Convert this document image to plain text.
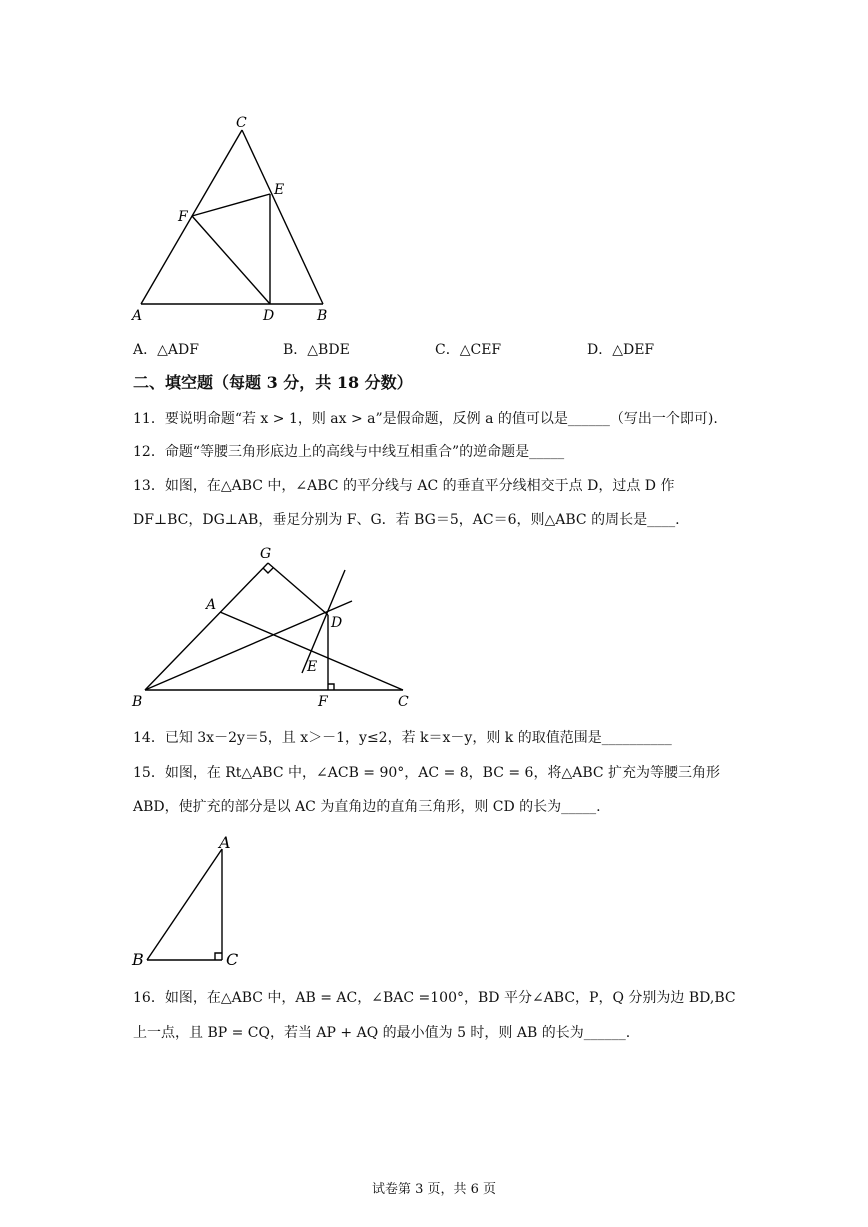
C
E
F
A	D	B
A．△ADF	B．△BDE	C．△CEF	D．△DEF
二、填空题（每题 3 分，共 18 分数）
11．要说明命题“若 x > 1，则 ax > a”是假命题，反例 a 的值可以是______（写出一个即可).
12．命题“等腰三角形底边上的高线与中线互相重合”的逆命题是_____
13．如图，在△ABC 中，∠ABC 的平分线与 AC 的垂直平分线相交于点 D，过点 D 作
DF⊥BC，DG⊥AB，垂足分别为 F、G．若 BG＝5，AC＝6，则△ABC 的周长是____.
G
A
D
E
B	F	C
14．已知 3x－2y＝5，且 x＞－1，y≤2，若 k＝x－y，则 k 的取值范围是__________
15．如图，在 Rt△ABC 中，∠ACB = 90°，AC = 8，BC = 6，将△ABC 扩充为等腰三角形
ABD，使扩充的部分是以 AC 为直角边的直角三角形，则 CD 的长为_____.
A
B	C
16．如图，在△ABC 中，AB = AC，∠BAC =100°，BD 平分∠ABC，P，Q 分别为边 BD,BC
上一点，且 BP = CQ，若当 AP + AQ 的最小值为 5 时，则 AB 的长为______.
试卷第 3 页，共 6 页
